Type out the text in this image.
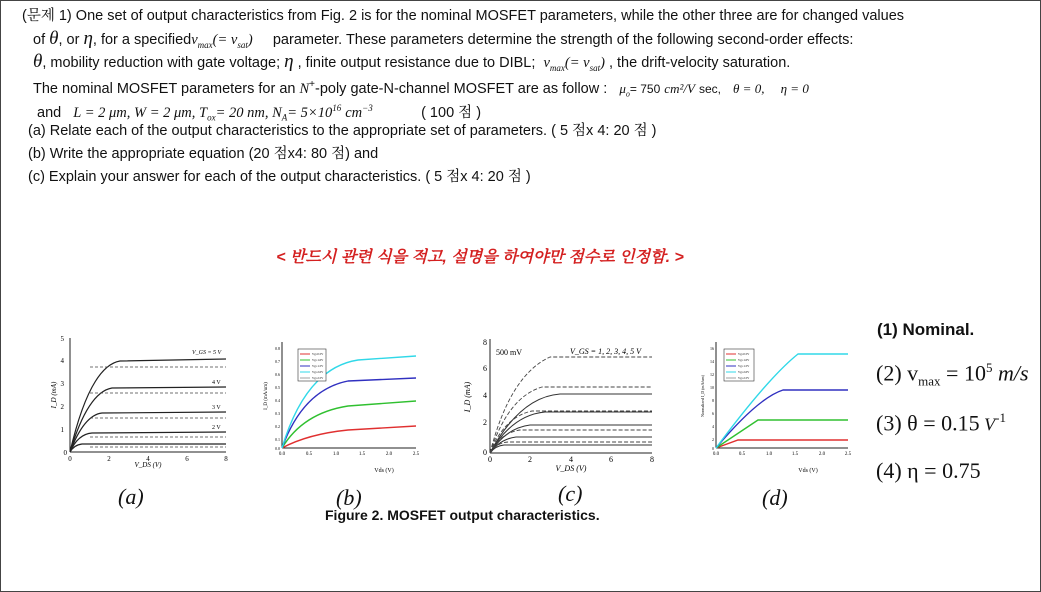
(문제 1) One set of output characteristics from Fig. 2 is for the nominal MOSFET parameters, while the other three are for changed values
of θ, or η, for a specifiedv$_{max}$(= $v_{sat}$) parameter. These parameters determine the strength of the following second-order effects:
θ, mobility reduction with gate voltage; η , finite output resistance due to DIBL; $v_{max}(= v_{sat})$ , the drift-velocity saturation.
The nominal MOSFET parameters for an N+-poly gate-N-channel MOSFET are as follow : $\mu_o= 750$ cm²/V sec, θ = 0, η = 0
and L = 2 μm, W = 2 μm, $T_{ox}= 20$ nm, $N_A= 5\times 10^{16}$ $cm^{-3}$	( 100 점 )
(a) Relate each of the output characteristics to the appropriate set of parameters. ( 5 점x 4: 20 점 )
(b) Write the appropriate equation (20 점x4: 80 점) and
(c) Explain your answer for each of the output characteristics. ( 5 점x 4: 20 점 )
< 반드시 관련 식을 적고, 설명을 하여야만 점수로 인정함. >
5
4
3
2
1
0
0	2	4	6	8
V_DS (V)
I_D (mA)
V_GS = 5 V
4 V
3 V
2 V
0.8
0.7
0.6
0.5
0.4
0.3
0.2
0.1
0.0
0.0	0.5	1.0	1.5	2.0	2.5
Vds (V)
I_D (mA/um)
Vg=0.5V
Vg=1.0V
Vg=1.5V
Vg=2.0V
Vg=2.5V
8
6
4
2
0
0	2	4	6	8
V_DS (V)
I_D (mA)
500 mV	V_GS = 1, 2, 3, 4, 5 V	16
14
12
10
8
6
4
2
0
0.0	0.5	1.0	1.5	2.0	2.5
Vds (V)
Normalized I_D (mA/um)
Vg=0.5V
Vg=1.0V
Vg=1.5V
Vg=2.0V
Vg=2.5V
(a)	(b)	(c)	(d)
Figure 2. MOSFET output characteristics.
(1) Nominal.
(2) $v_{max} = 10^5$ m/s
(3) θ = 0.15 $V^{-1}$
(4) η = 0.75
